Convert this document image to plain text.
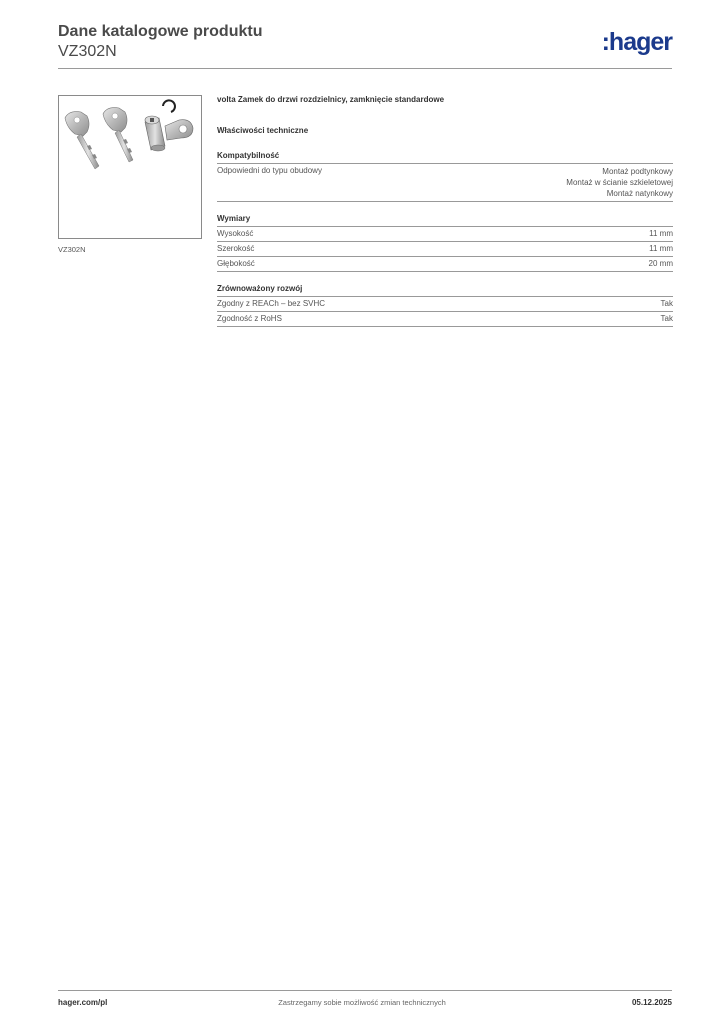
Dane katalogowe produktu
VZ302N	:hager
VZ302N
volta Zamek do drzwi rozdzielnicy, zamknięcie standardowe
Właściwości techniczne
Kompatybilność
Odpowiedni do typu obudowy	Montaż podtynkowy
Montaż w ścianie szkieletowej
Montaż natynkowy
Wymiary
Wysokość	11 mm
Szerokość	11 mm
Głębokość	20 mm
Zrównoważony rozwój
Zgodny z REACh – bez SVHC	Tak
Zgodność z RoHS	Tak
hager.com/pl	Zastrzegamy sobie możliwość zmian technicznych	05.12.2025
